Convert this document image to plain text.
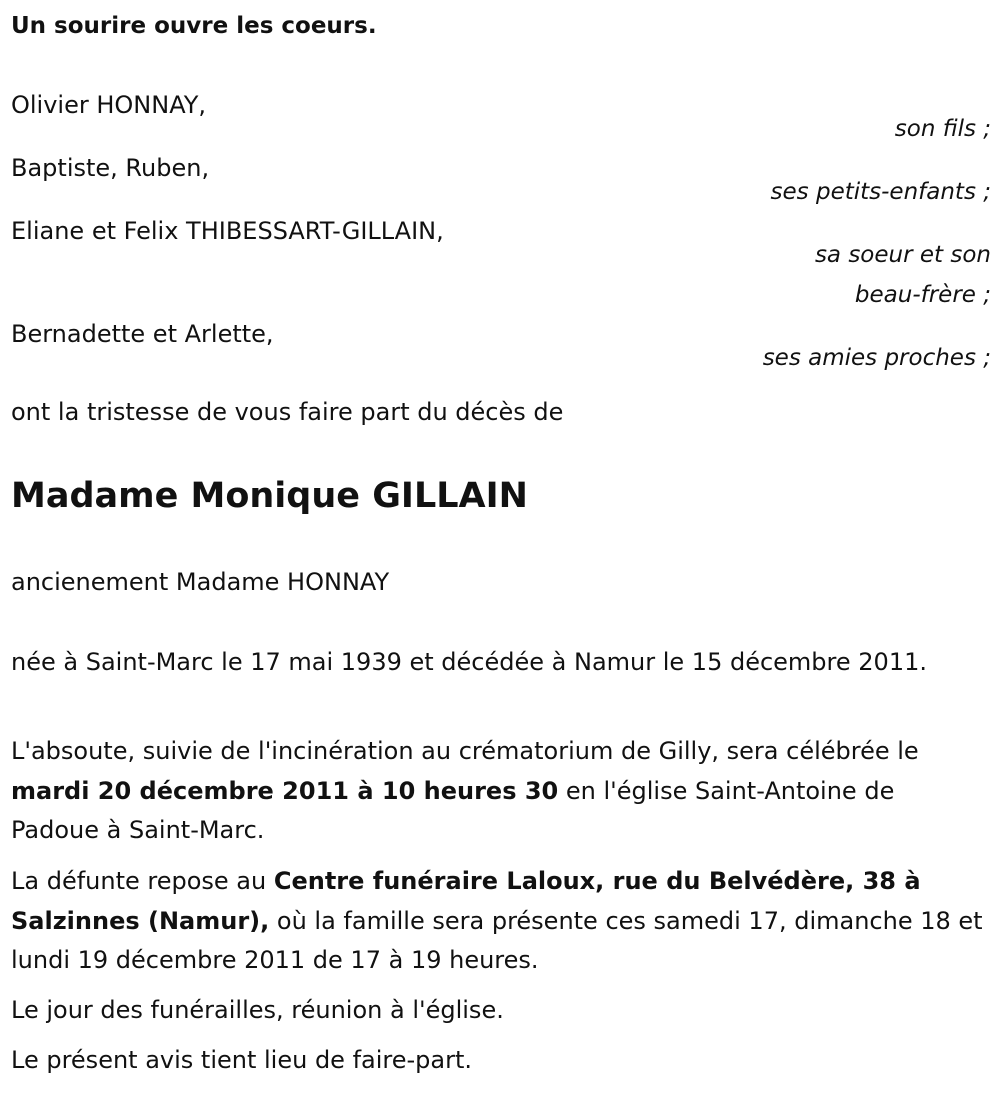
Un sourire ouvre les coeurs.
Olivier HONNAY,
son fils ;
Baptiste, Ruben,
ses petits-enfants ;
Eliane et Felix THIBESSART-GILLAIN,
sa soeur et son
beau-frère ;
Bernadette et Arlette,
ses amies proches ;
ont la tristesse de vous faire part du décès de
Madame Monique GILLAIN
ancienement Madame HONNAY
née à Saint-Marc le 17 mai 1939 et décédée à Namur le 15 décembre 2011.
L'absoute, suivie de l'incinération au crématorium de Gilly, sera célébrée le mardi 20 décembre 2011 à 10 heures 30 en l'église Saint-Antoine de Padoue à Saint-Marc.
La défunte repose au Centre funéraire Laloux, rue du Belvédère, 38 à Salzinnes (Namur), où la famille sera présente ces samedi 17, dimanche 18 et lundi 19 décembre 2011 de 17 à 19 heures.
Le jour des funérailles, réunion à l'église.
Le présent avis tient lieu de faire-part.
